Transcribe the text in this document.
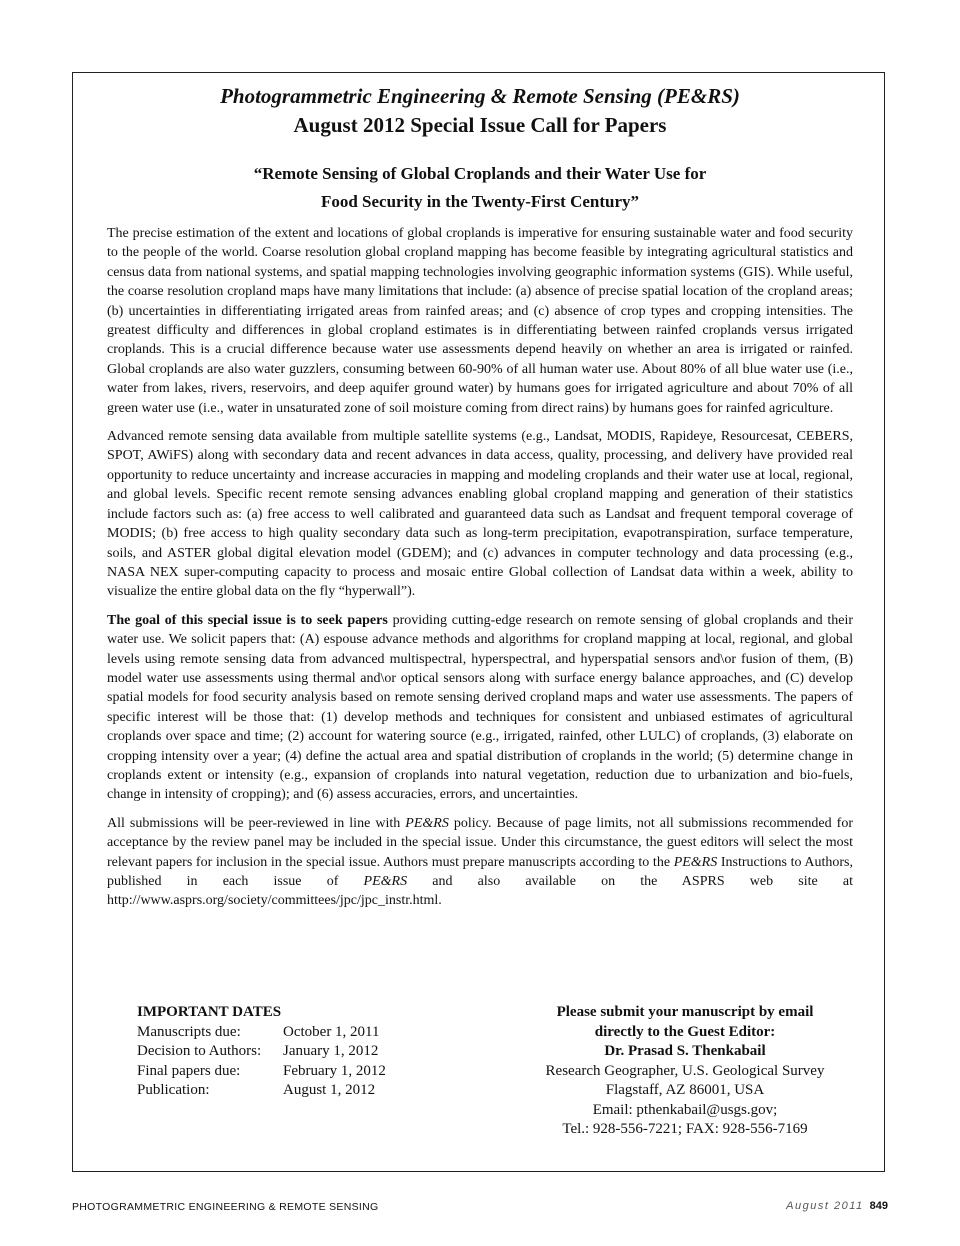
Photogrammetric Engineering & Remote Sensing (PE&RS)
August 2012 Special Issue Call for Papers
“Remote Sensing of Global Croplands and their Water Use for
Food Security in the Twenty-First Century”

The precise estimation of the extent and locations of global croplands is imperative for ensuring sustainable water and food security to the people of the world. Coarse resolution global cropland mapping has become feasible by integrating agricultural statistics and census data from national systems, and spatial mapping technologies involving geographic information systems (GIS). While useful, the coarse resolution cropland maps have many limitations that include: (a) absence of precise spatial location of the cropland areas; (b) uncertainties in differentiating irrigated areas from rainfed areas; and (c) absence of crop types and cropping intensities. The greatest difficulty and differences in global cropland estimates is in differentiating between rainfed croplands versus irrigated croplands. This is a crucial difference because water use assessments depend heavily on whether an area is irrigated or rainfed. Global croplands are also water guzzlers, consuming between 60-90% of all human water use. About 80% of all blue water use (i.e., water from lakes, rivers, reservoirs, and deep aquifer ground water) by humans goes for irrigated agriculture and about 70% of all green water use (i.e., water in unsaturated zone of soil moisture coming from direct rains) by humans goes for rainfed agriculture.

Advanced remote sensing data available from multiple satellite systems (e.g., Landsat, MODIS, Rapideye, Resourcesat, CEBERS, SPOT, AWiFS) along with secondary data and recent advances in data access, quality, processing, and delivery have provided real opportunity to reduce uncertainty and increase accuracies in mapping and modeling croplands and their water use at local, regional, and global levels. Specific recent remote sensing advances enabling global cropland mapping and generation of their statistics include factors such as: (a) free access to well calibrated and guaranteed data such as Landsat and frequent temporal coverage of MODIS; (b) free access to high quality secondary data such as long-term precipitation, evapotranspiration, surface temperature, soils, and ASTER global digital elevation model (GDEM); and (c) advances in computer technology and data processing (e.g., NASA NEX super-computing capacity to process and mosaic entire Global collection of Landsat data within a week, ability to visualize the entire global data on the fly “hyperwall”).

The goal of this special issue is to seek papers providing cutting-edge research on remote sensing of global croplands and their water use. We solicit papers that: (A) espouse advance methods and algorithms for cropland mapping at local, regional, and global levels using remote sensing data from advanced multispectral, hyperspectral, and hyperspatial sensors and\or fusion of them, (B) model water use assessments using thermal and\or optical sensors along with surface energy balance approaches, and (C) develop spatial models for food security analysis based on remote sensing derived cropland maps and water use assessments. The papers of specific interest will be those that: (1) develop methods and techniques for consistent and unbiased estimates of agricultural croplands over space and time; (2) account for watering source (e.g., irrigated, rainfed, other LULC) of croplands, (3) elaborate on cropping intensity over a year; (4) define the actual area and spatial distribution of croplands in the world; (5) determine change in croplands extent or intensity (e.g., expansion of croplands into natural vegetation, reduction due to urbanization and bio-fuels, change in intensity of cropping); and (6) assess accuracies, errors, and uncertainties.

All submissions will be peer-reviewed in line with PE&RS policy. Because of page limits, not all submissions recommended for acceptance by the review panel may be included in the special issue. Under this circumstance, the guest editors will select the most relevant papers for inclusion in the special issue. Authors must prepare manuscripts according to the PE&RS Instructions to Authors, published in each issue of PE&RS and also available on the ASPRS web site at http://www.asprs.org/society/committees/jpc/jpc_instr.html.

IMPORTANT DATES
Manuscripts due:	October 1, 2011
Decision to Authors:	January 1, 2012
Final papers due:	February 1, 2012
Publication:	August 1, 2012
Please submit your manuscript by email
directly to the Guest Editor:
Dr. Prasad S. Thenkabail
Research Geographer, U.S. Geological Survey
Flagstaff, AZ 86001, USA
Email: pthenkabail@usgs.gov;
Tel.: 928-556-7221; FAX: 928-556-7169
PHOTOGRAMMETRIC ENGINEERING & REMOTE SENSING	August 2011 849
